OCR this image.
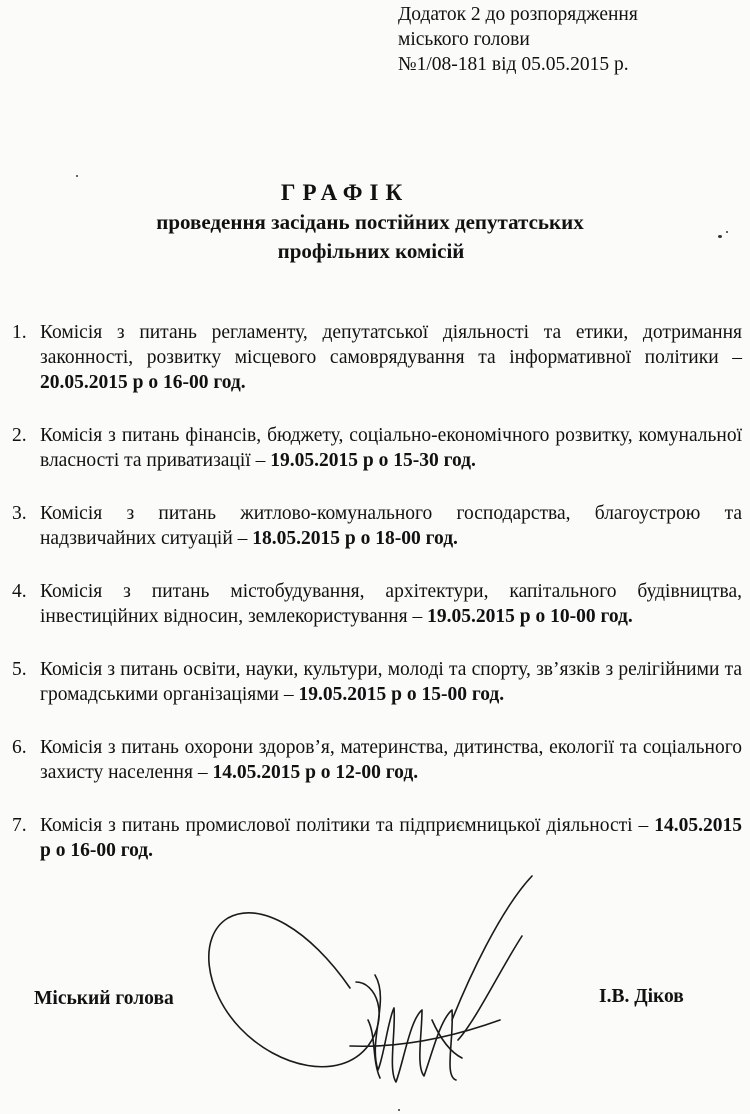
Додаток 2 до розпорядження
міського голови
№1/08-181 від 05.05.2015 р.
ГРАФІК
проведення засідань постійних депутатських
профільних комісій
1. Комісія з питань регламенту, депутатської діяльності та етики, дотримання законності, розвитку місцевого самоврядування та інформативної політики – 20.05.2015 р о 16-00 год.
2. Комісія з питань фінансів, бюджету, соціально-економічного розвитку, комунальної власності та приватизації – 19.05.2015 р о 15-30 год.
3. Комісія з питань житлово-комунального господарства, благоустрою та надзвичайних ситуацій – 18.05.2015 р о 18-00 год.
4. Комісія з питань містобудування, архітектури, капітального будівництва, інвестиційних відносин, землекористування – 19.05.2015 р о 10-00 год.
5. Комісія з питань освіти, науки, культури, молоді та спорту, зв’язків з релігійними та громадськими організаціями – 19.05.2015 р о 15-00 год.
6. Комісія з питань охорони здоров’я, материнства, дитинства, екології та соціального захисту населення – 14.05.2015 р о 12-00 год.
7. Комісія з питань промислової політики та підприємницької діяльності – 14.05.2015 р о 16-00 год.
Міський голова	І.В. Діков
